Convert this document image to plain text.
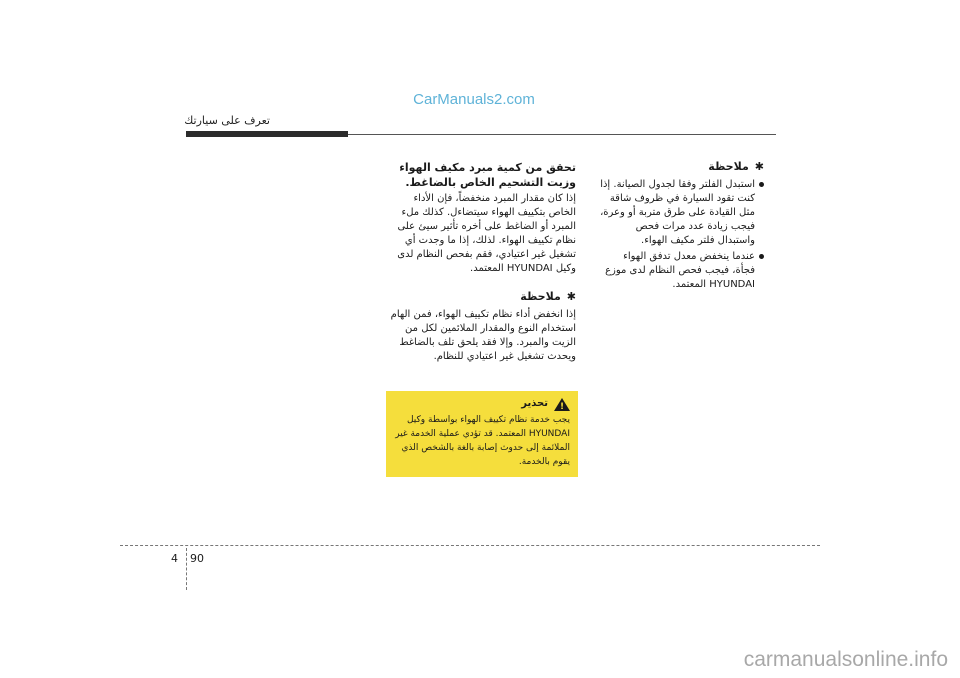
CarManuals2.com
تعرف على سيارتك
✱
ملاحظة
استبدل الفلتر وفقا لجدول الصيانة. إذا كنت تقود السيارة في ظروف شاقة مثل القيادة على طرق متربة أو وعرة، فيجب زيادة عدد مرات فحص واستبدال فلتر مكيف الهواء.
عندما ينخفض معدل تدفق الهواء فجأة، فيجب فحص النظام لدى موزع HYUNDAI المعتمد.

تحقق من كمية مبرد مكيف الهواء وزيت التشحيم الخاص بالضاغط.

إذا كان مقدار المبرد منخفضاً، فإن الأداء الخاص بتكييف الهواء سيتضاءل. كذلك ملء المبرد أو الضاغط على أخره تأثير سيئ على نظام تكييف الهواء. لذلك، إذا ما وجدت أي تشغيل غير اعتيادي، فقم بفحص النظام لدى وكيل HYUNDAI المعتمد.

✱
ملاحظة

إذا انخفض أداء نظام تكييف الهواء، فمن الهام استخدام النوع والمقدار الملائمين لكل من الزيت والمبرد. وإلا فقد يلحق تلف بالضاغط ويحدث تشغيل غير اعتيادي للنظام.

!
تحذير
يجب خدمة نظام تكييف الهواء بواسطة وكيل HYUNDAI المعتمد. قد تؤدي عملية الخدمة غير الملائمة إلى حدوث إصابة بالغة بالشخص الذي يقوم بالخدمة.
4 90
carmanualsonline.info
